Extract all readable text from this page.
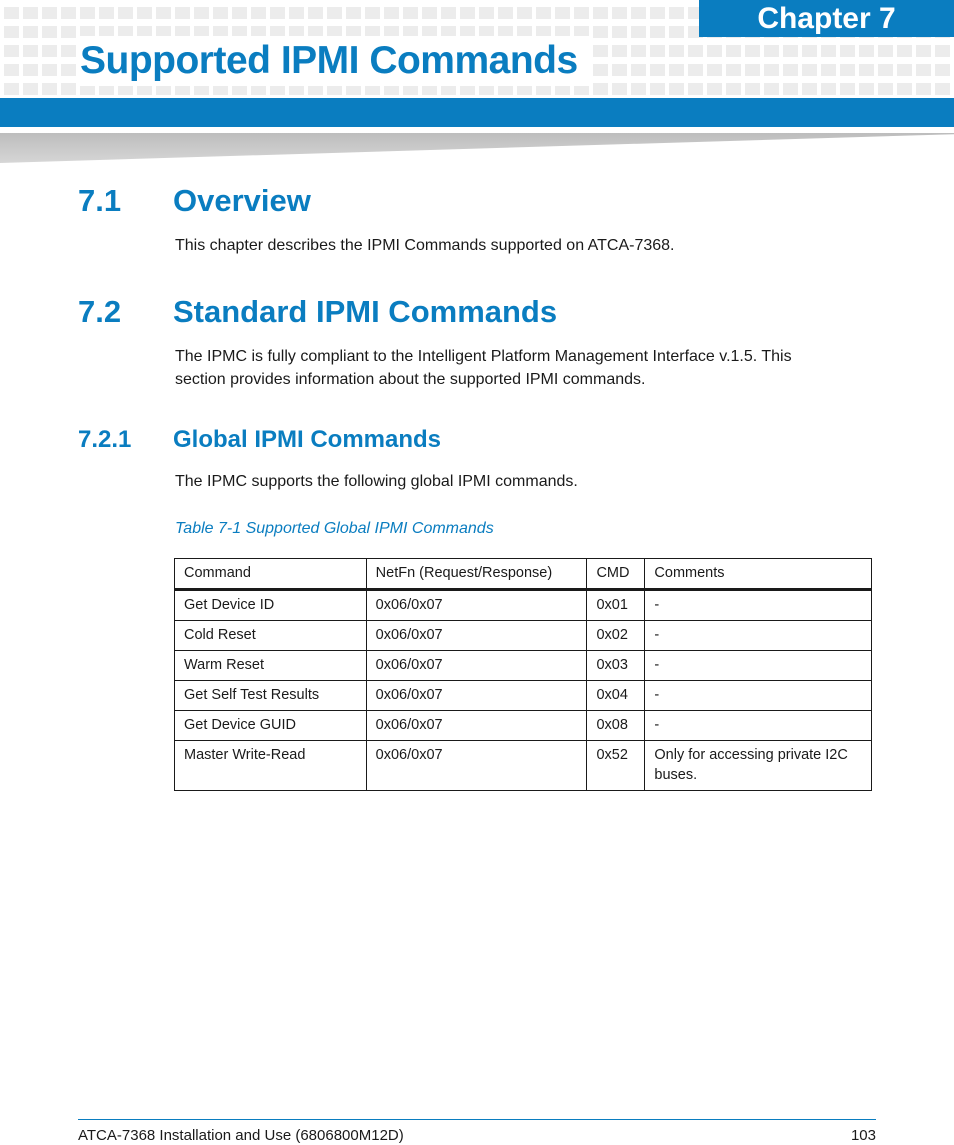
Chapter 7
Supported IPMI Commands
7.1 Overview

This chapter describes the IPMI Commands supported on ATCA-7368.

7.2 Standard IPMI Commands

The IPMC is fully compliant to the Intelligent Platform Management Interface v.1.5. This
section provides information about the supported IPMI commands.

7.2.1 Global IPMI Commands

The IPMC supports the following global IPMI commands.

Table 7-1 Supported Global IPMI Commands

Command	NetFn (Request/Response)	CMD	Comments
Get Device ID	0x06/0x07	0x01	-
Cold Reset	0x06/0x07	0x02	-
Warm Reset	0x06/0x07	0x03	-
Get Self Test Results	0x06/0x07	0x04	-
Get Device GUID	0x06/0x07	0x08	-
Master Write-Read	0x06/0x07	0x52	Only for accessing private I2C buses.
ATCA-7368 Installation and Use (6806800M12D)	103
